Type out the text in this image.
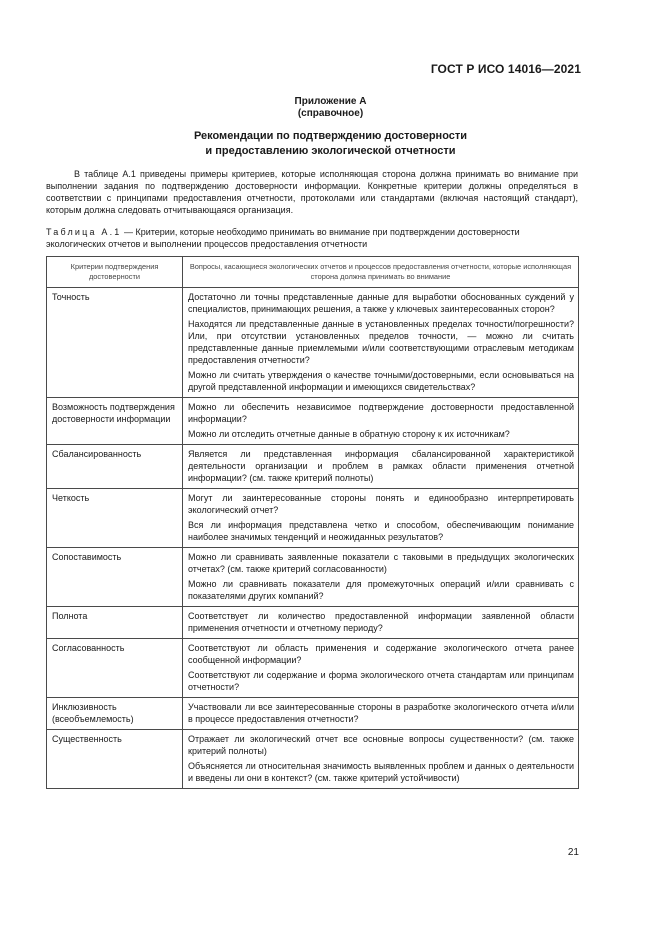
ГОСТ Р ИСО 14016—2021
Приложение А
(справочное)
Рекомендации по подтверждению достоверности
и предоставлению экологической отчетности

В таблице А.1 приведены примеры критериев, которые исполняющая сторона должна принимать во внимание при выполнении задания по подтверждению достоверности информации. Конкретные критерии должны определяться в соответствии с принципами предоставления отчетности, протоколами или стандартами (включая настоящий стандарт), которым должна следовать отчитывающаяся организация.

Таблица А.1 — Критерии, которые необходимо принимать во внимание при подтверждении достоверности экологических отчетов и выполнении процессов предоставления отчетности

Критерии подтверждения достоверности	Вопросы, касающиеся экологических отчетов и процессов предоставления отчетности, которые исполняющая сторона должна принимать во внимание
Точность	Достаточно ли точны представленные данные для выработки обоснованных суждений у специалистов, принимающих решения, а также у ключевых заинтересованных сторон?

Находятся ли представленные данные в установленных пределах точности/погрешности? Или, при отсутствии установленных пределов точности, — можно ли считать представленные данные приемлемыми и/или соответствующими отраслевым методикам предоставления отчетности?

Можно ли считать утверждения о качестве точными/достоверными, если основываться на другой представленной информации и имеющихся свидетельствах?

Возможность подтверждения достоверности информации	Можно ли обеспечить независимое подтверждение достоверности предоставленной информации?

Можно ли отследить отчетные данные в обратную сторону к их источникам?

Сбалансированность	Является ли представленная информация сбалансированной характеристикой деятельности организации и проблем в рамках области применения отчетной информации? (см. также критерий полноты)

Четкость	Могут ли заинтересованные стороны понять и единообразно интерпретировать экологический отчет?

Вся ли информация представлена четко и способом, обеспечивающим понимание наиболее значимых тенденций и неожиданных результатов?

Сопоставимость	Можно ли сравнивать заявленные показатели с таковыми в предыдущих экологических отчетах? (см. также критерий согласованности)

Можно ли сравнивать показатели для промежуточных операций и/или сравнивать с показателями других компаний?

Полнота	Соответствует ли количество предоставленной информации заявленной области применения отчетности и отчетному периоду?

Согласованность	Соответствуют ли область применения и содержание экологического отчета ранее сообщенной информации?

Соответствуют ли содержание и форма экологического отчета стандартам или принципам отчетности?

Инклюзивность (всеобъемлемость)	Участвовали ли все заинтересованные стороны в разработке экологического отчета и/или в процессе предоставления отчетности?

Существенность	Отражает ли экологический отчет все основные вопросы существенности? (см. также критерий полноты)

Объясняется ли относительная значимость выявленных проблем и данных о деятельности и введены ли они в контекст? (см. также критерий устойчивости)

21
